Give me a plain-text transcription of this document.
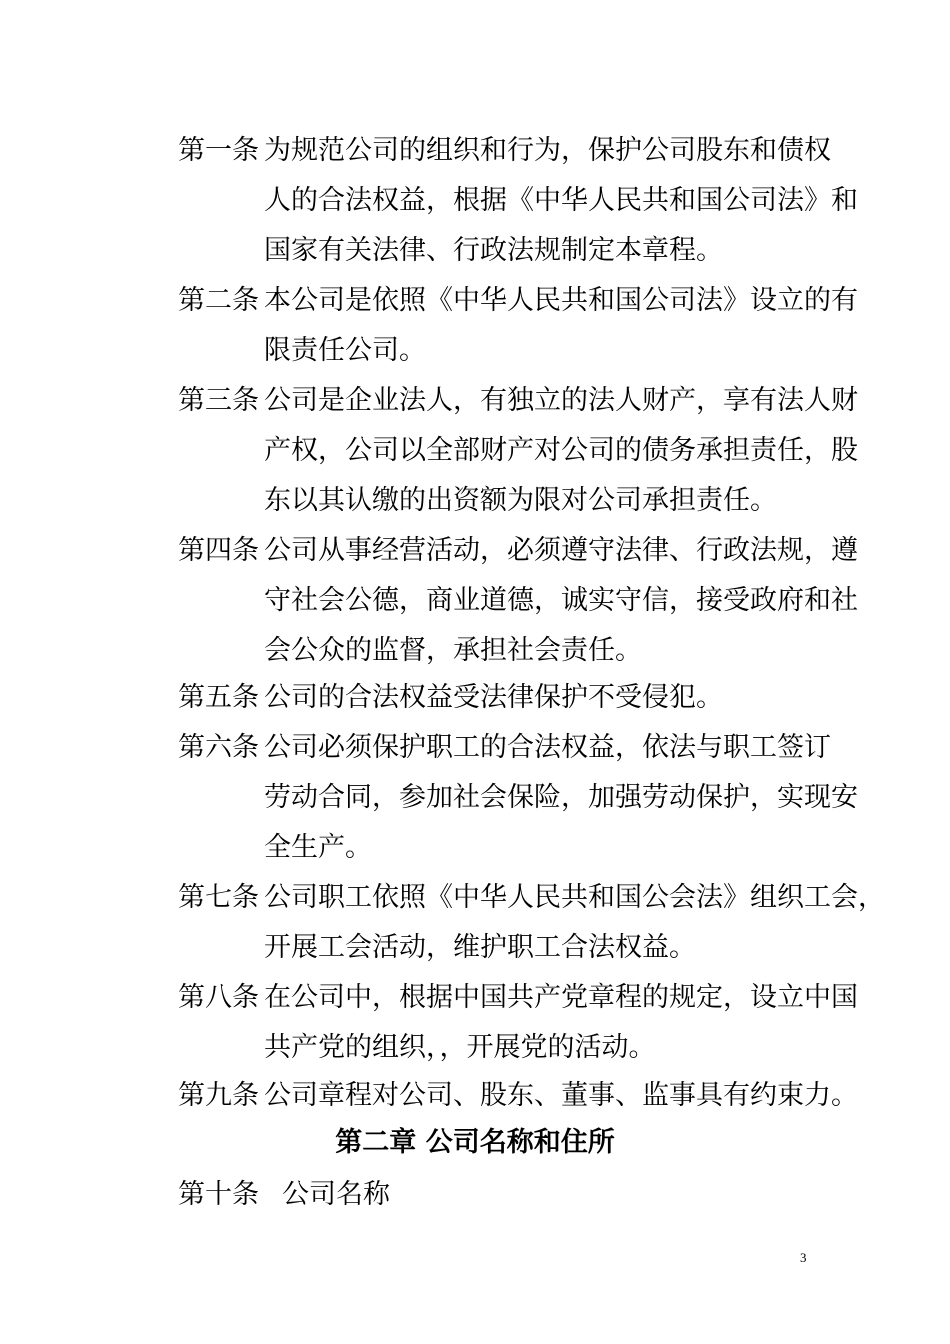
第一条 为规范公司的组织和行为，保护公司股东和债权
人的合法权益，根据《中华人民共和国公司法》和
国家有关法律、行政法规制定本章程。
第二条 本公司是依照《中华人民共和国公司法》设立的有
限责任公司。
第三条 公司是企业法人，有独立的法人财产，享有法人财
产权，公司以全部财产对公司的债务承担责任，股
东以其认缴的出资额为限对公司承担责任。
第四条 公司从事经营活动，必须遵守法律、行政法规，遵
守社会公德，商业道德，诚实守信，接受政府和社
会公众的监督，承担社会责任。
第五条 公司的合法权益受法律保护不受侵犯。
第六条 公司必须保护职工的合法权益，依法与职工签订
劳动合同，参加社会保险，加强劳动保护，实现安
全生产。
第七条 公司职工依照《中华人民共和国公会法》组织工会，
开展工会活动，维护职工合法权益。
第八条 在公司中，根据中国共产党章程的规定，设立中国
共产党的组织，，开展党的活动。
第九条 公司章程对公司、股东、董事、监事具有约束力。
第二章 公司名称和住所
第十条 公司名称
3
